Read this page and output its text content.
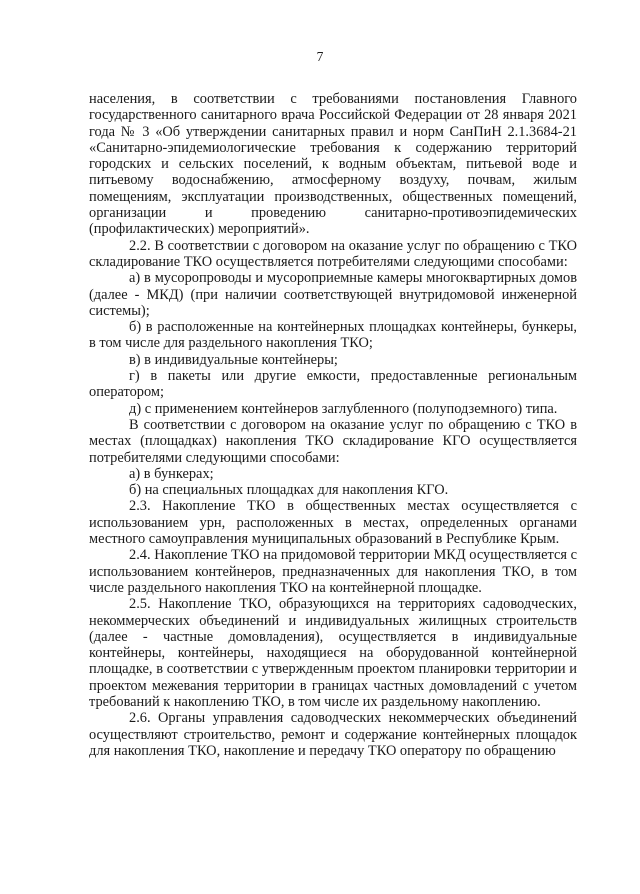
7

населения, в соответствии с требованиями постановления Главного государственного санитарного врача Российской Федерации от 28 января 2021 года № 3 «Об утверждении санитарных правил и норм СанПиН 2.1.3684-21 «Санитарно-эпидемиологические требования к содержанию территорий городских и сельских поселений, к водным объектам, питьевой воде и питьевому водоснабжению, атмосферному воздуху, почвам, жилым помещениям, эксплуатации производственных, общественных помещений, организации и проведению санитарно-противоэпидемических (профилактических) мероприятий».

2.2. В соответствии с договором на оказание услуг по обращению с ТКО складирование ТКО осуществляется потребителями следующими способами:

а) в мусоропроводы и мусороприемные камеры многоквартирных домов (далее - МКД) (при наличии соответствующей внутридомовой инженерной системы);

б) в расположенные на контейнерных площадках контейнеры, бункеры, в том числе для раздельного накопления ТКО;

в) в индивидуальные контейнеры;

г) в пакеты или другие емкости, предоставленные региональным оператором;

д) с применением контейнеров заглубленного (полуподземного) типа.

В соответствии с договором на оказание услуг по обращению с ТКО в местах (площадках) накопления ТКО складирование КГО осуществляется потребителями следующими способами:

а) в бункерах;

б) на специальных площадках для накопления КГО.

2.3. Накопление ТКО в общественных местах осуществляется с использованием урн, расположенных в местах, определенных органами местного самоуправления муниципальных образований в Республике Крым.

2.4. Накопление ТКО на придомовой территории МКД осуществляется с использованием контейнеров, предназначенных для накопления ТКО, в том числе раздельного накопления ТКО на контейнерной площадке.

2.5. Накопление ТКО, образующихся на территориях садоводческих, некоммерческих объединений и индивидуальных жилищных строительств (далее - частные домовладения), осуществляется в индивидуальные контейнеры, контейнеры, находящиеся на оборудованной контейнерной площадке, в соответствии с утвержденным проектом планировки территории и проектом межевания территории в границах частных домовладений с учетом требований к накоплению ТКО, в том числе их раздельному накоплению.

2.6. Органы управления садоводческих некоммерческих объединений осуществляют строительство, ремонт и содержание контейнерных площадок для накопления ТКО, накопление и передачу ТКО оператору по обращению
